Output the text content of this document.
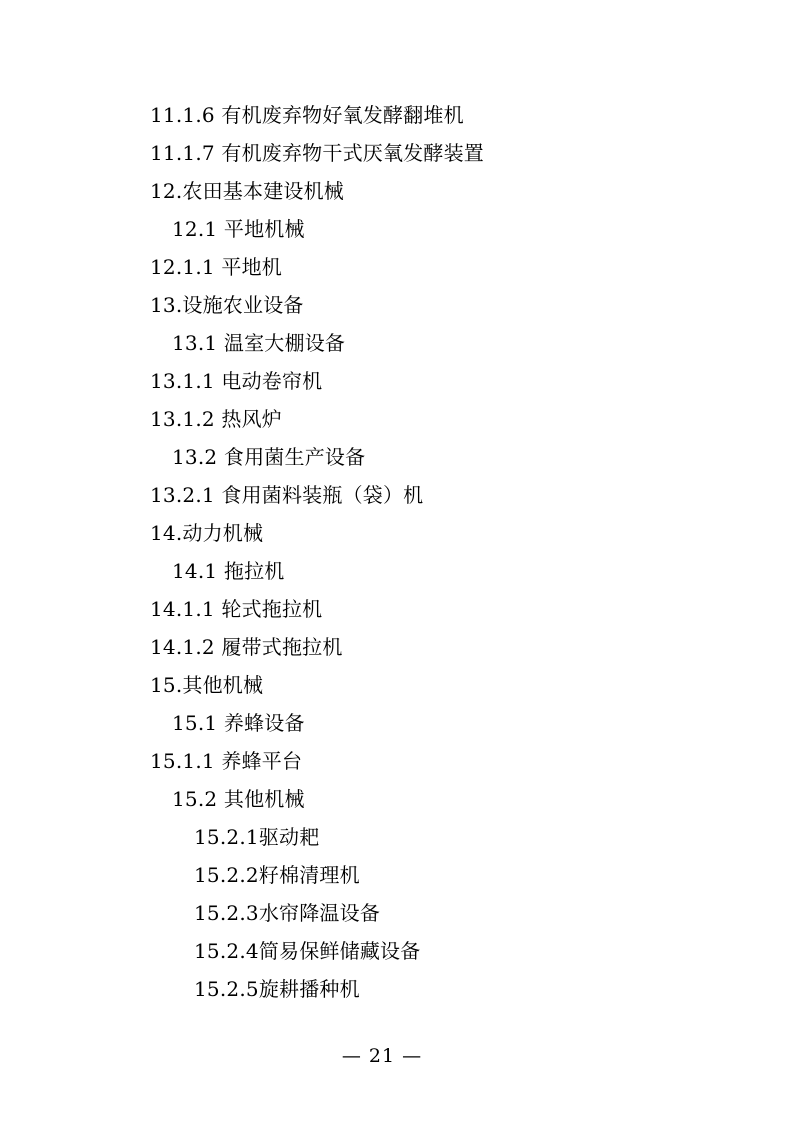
11.1.6 有机废弃物好氧发酵翻堆机
11.1.7 有机废弃物干式厌氧发酵装置
12.农田基本建设机械
12.1 平地机械
12.1.1 平地机
13.设施农业设备
13.1 温室大棚设备
13.1.1 电动卷帘机
13.1.2 热风炉
13.2 食用菌生产设备
13.2.1 食用菌料装瓶（袋）机
14.动力机械
14.1 拖拉机
14.1.1 轮式拖拉机
14.1.2 履带式拖拉机
15.其他机械
15.1 养蜂设备
15.1.1 养蜂平台
15.2 其他机械
15.2.1驱动耙
15.2.2籽棉清理机
15.2.3水帘降温设备
15.2.4简易保鲜储藏设备
15.2.5旋耕播种机
— 21 —
